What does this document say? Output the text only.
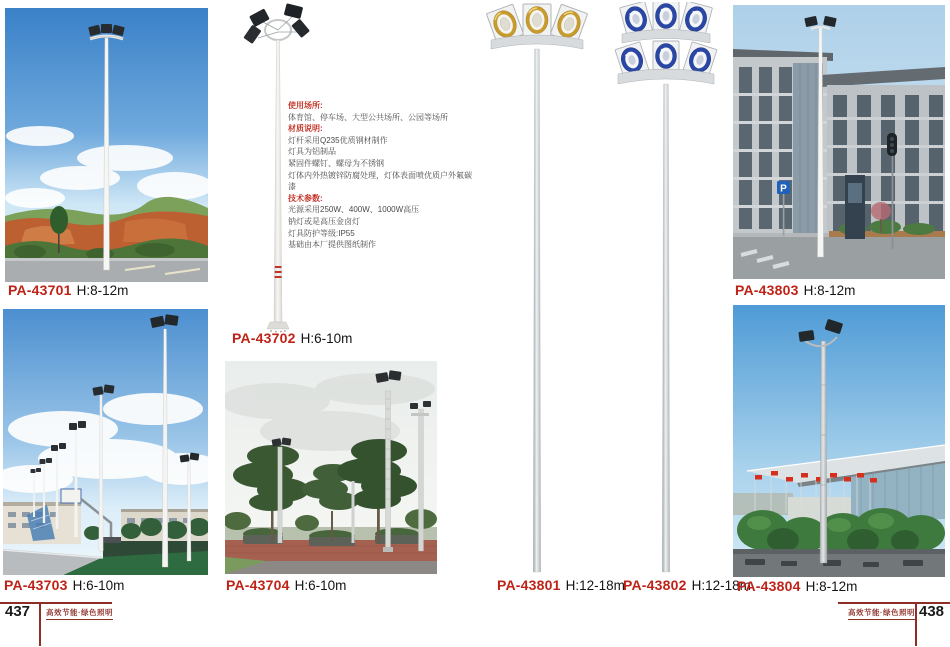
使用场所:
体育馆、停车场、大型公共场所、公园等场所
材质说明:
灯杆采用Q235优质钢材制作
灯具为铝制品
紧固件螺钉、螺母为不锈钢
灯体内外热镀锌防腐处理，灯体表面喷优质户外氟碳漆
技术参数:
光源采用250W、400W、1000W高压
钠灯或是高压金卤灯
灯具防护等级:IP55
基础由本厂提供图纸制作
P
PA-43701 H:8-12m
PA-43702 H:6-10m
PA-43703 H:6-10m	PA-43704 H:6-10m	PA-43801 H:12-18m
PA-43802 H:12-18m
PA-43803 H:8-12m
PA-43804 H:8-12m
437 高效节能·绿色照明	高效节能·绿色照明 438
